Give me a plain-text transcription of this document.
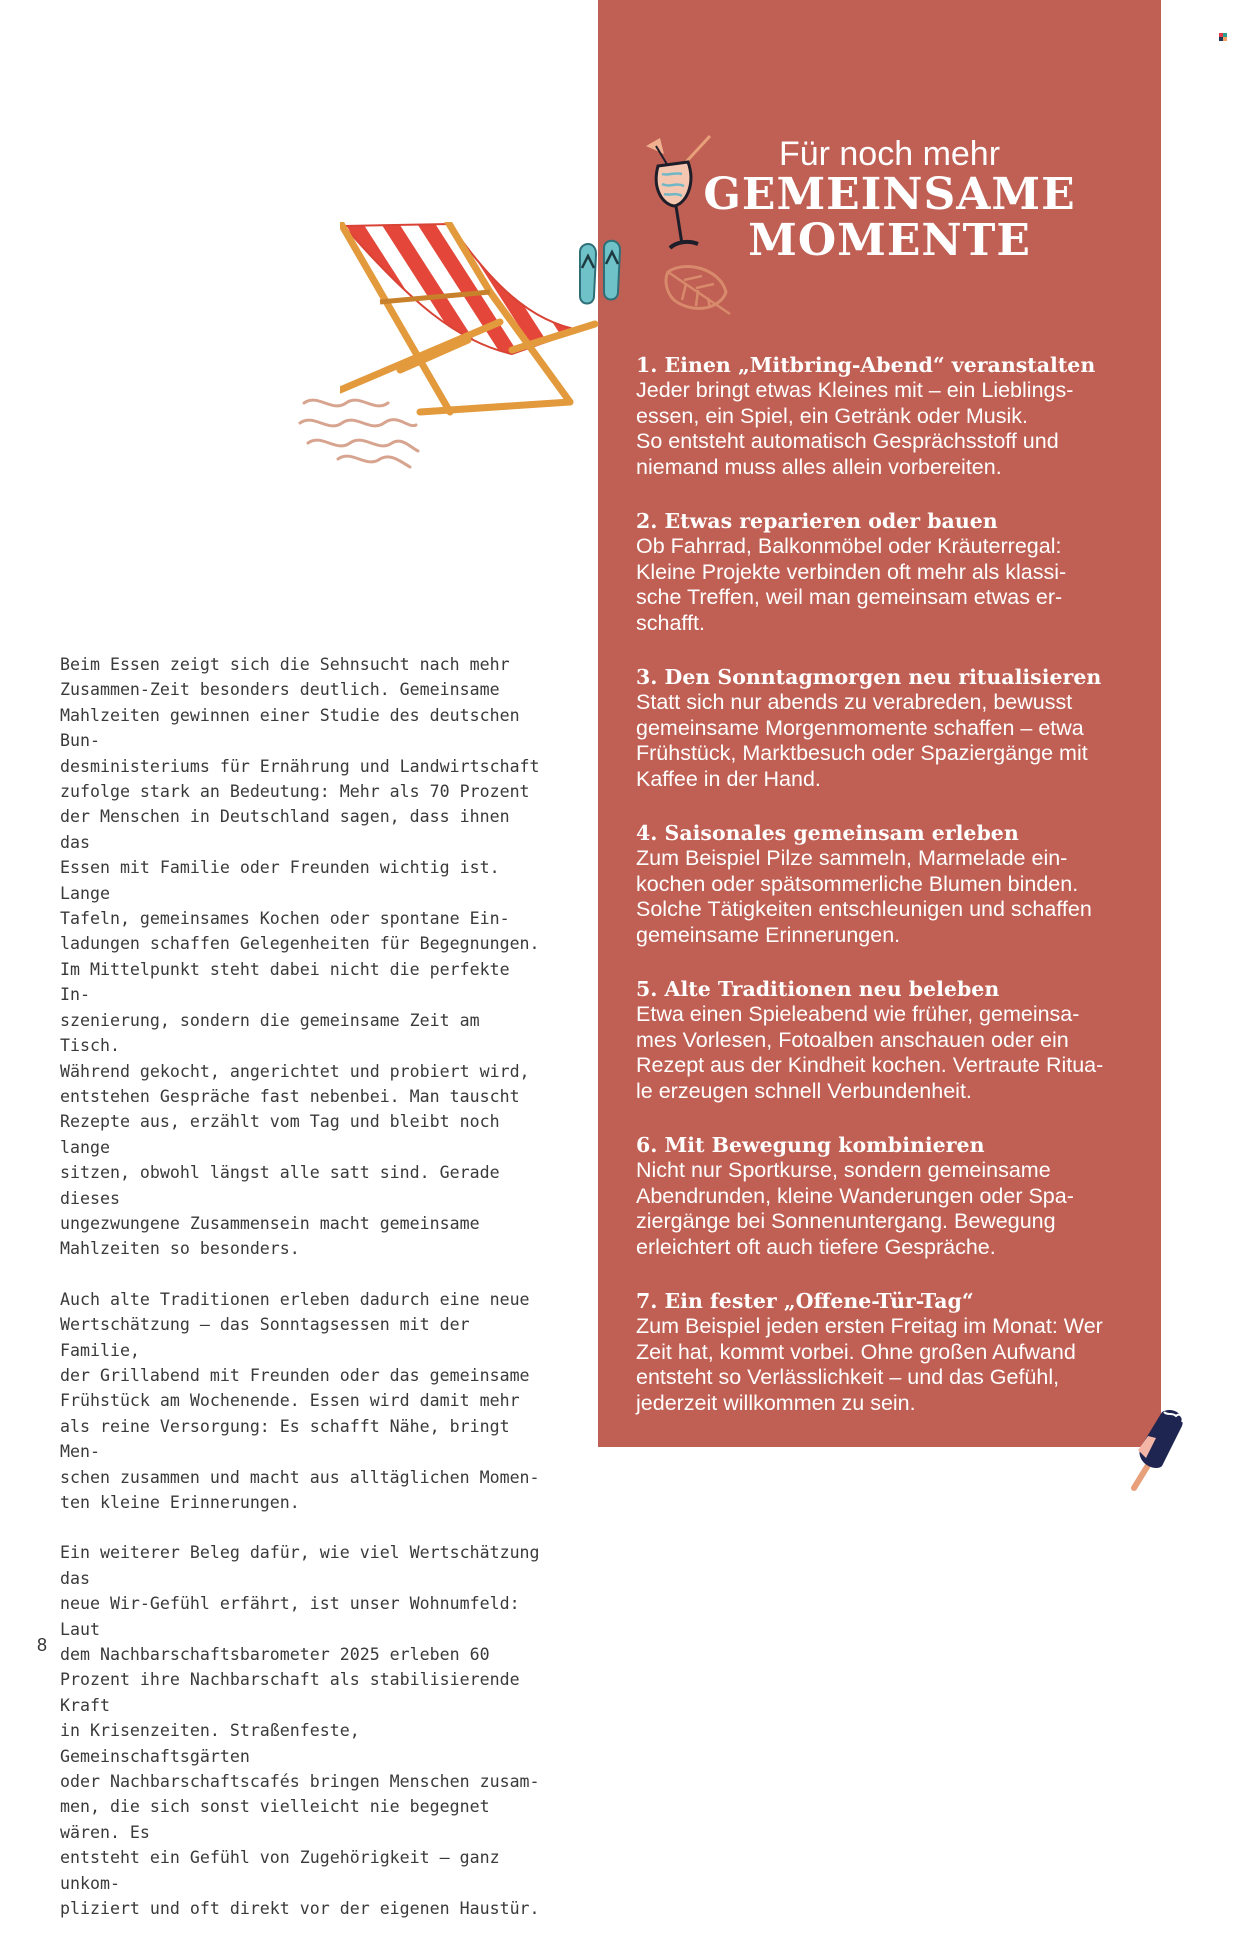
Für noch mehr
GEMEINSAME
MOMENTE

1. Einen „Mitbring-Abend“ veranstalten

Jeder bringt etwas Kleines mit – ein Lieblings-
essen, ein Spiel, ein Getränk oder Musik.
So entsteht automatisch Gesprächsstoff und
niemand muss alles allein vorbereiten.

2. Etwas reparieren oder bauen

Ob Fahrrad, Balkonmöbel oder Kräuterregal:
Kleine Projekte verbinden oft mehr als klassi-
sche Treffen, weil man gemeinsam etwas er-
schafft.

3. Den Sonntagmorgen neu ritualisieren

Statt sich nur abends zu verabreden, bewusst
gemeinsame Morgenmomente schaffen – etwa
Frühstück, Marktbesuch oder Spaziergänge mit
Kaffee in der Hand.

4. Saisonales gemeinsam erleben

Zum Beispiel Pilze sammeln, Marmelade ein-
kochen oder spätsommerliche Blumen binden.
Solche Tätigkeiten entschleunigen und schaffen
gemeinsame Erinnerungen.

5. Alte Traditionen neu beleben

Etwa einen Spieleabend wie früher, gemeinsa-
mes Vorlesen, Fotoalben anschauen oder ein
Rezept aus der Kindheit kochen. Vertraute Ritua-
le erzeugen schnell Verbundenheit.

6. Mit Bewegung kombinieren

Nicht nur Sportkurse, sondern gemeinsame
Abendrunden, kleine Wanderungen oder Spa-
ziergänge bei Sonnenuntergang. Bewegung
erleichtert oft auch tiefere Gespräche.

7. Ein fester „Offene-Tür-Tag“

Zum Beispiel jeden ersten Freitag im Monat: Wer
Zeit hat, kommt vorbei. Ohne großen Aufwand
entsteht so Verlässlichkeit – und das Gefühl,
jederzeit willkommen zu sein.

Beim Essen zeigt sich die Sehnsucht nach mehr
Zusammen-Zeit besonders deutlich. Gemeinsame
Mahlzeiten gewinnen einer Studie des deutschen Bun-
desministeriums für Ernährung und Landwirtschaft
zufolge stark an Bedeutung: Mehr als 70 Prozent
der Menschen in Deutschland sagen, dass ihnen das
Essen mit Familie oder Freunden wichtig ist. Lange
Tafeln, gemeinsames Kochen oder spontane Ein-
ladungen schaffen Gelegenheiten für Begegnungen.
Im Mittelpunkt steht dabei nicht die perfekte In-
szenierung, sondern die gemeinsame Zeit am Tisch.
Während gekocht, angerichtet und probiert wird,
entstehen Gespräche fast nebenbei. Man tauscht
Rezepte aus, erzählt vom Tag und bleibt noch lange
sitzen, obwohl längst alle satt sind. Gerade dieses
ungezwungene Zusammensein macht gemeinsame
Mahlzeiten so besonders.

Auch alte Traditionen erleben dadurch eine neue
Wertschätzung – das Sonntagsessen mit der Familie,
der Grillabend mit Freunden oder das gemeinsame
Frühstück am Wochenende. Essen wird damit mehr
als reine Versorgung: Es schafft Nähe, bringt Men-
schen zusammen und macht aus alltäglichen Momen-
ten kleine Erinnerungen.

Ein weiterer Beleg dafür, wie viel Wertschätzung das
neue Wir-Gefühl erfährt, ist unser Wohnumfeld: Laut
dem Nachbarschaftsbarometer 2025 erleben 60
Prozent ihre Nachbarschaft als stabilisierende Kraft
in Krisenzeiten. Straßenfeste, Gemeinschaftsgärten
oder Nachbarschaftscafés bringen Menschen zusam-
men, die sich sonst vielleicht nie begegnet wären. Es
entsteht ein Gefühl von Zugehörigkeit – ganz unkom-
pliziert und oft direkt vor der eigenen Haustür.

8
